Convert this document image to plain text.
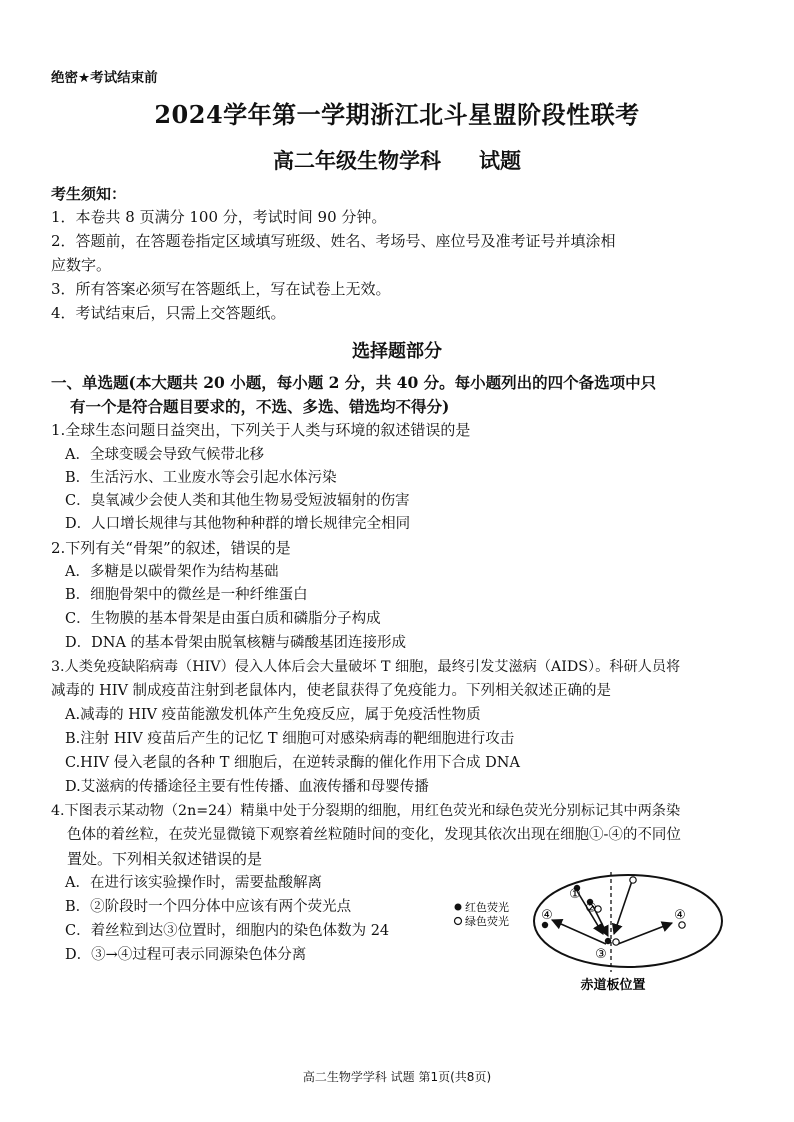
绝密★考试结束前
2024学年第一学期浙江北斗星盟阶段性联考
高二年级生物学科 试题
考生须知：
1．本卷共 8 页满分 100 分，考试时间 90 分钟。
2．答题前，在答题卷指定区域填写班级、姓名、考场号、座位号及准考证号并填涂相
应数字。
3．所有答案必须写在答题纸上，写在试卷上无效。
4．考试结束后，只需上交答题纸。
选择题部分
一、单选题(本大题共 20 小题，每小题 2 分，共 40 分。每小题列出的四个备选项中只
有一个是符合题目要求的，不选、多选、错选均不得分)
1.全球生态问题日益突出，下列关于人类与环境的叙述错误的是
A．全球变暖会导致气候带北移
B．生活污水、工业废水等会引起水体污染
C．臭氧减少会使人类和其他生物易受短波辐射的伤害
D．人口增长规律与其他物种种群的增长规律完全相同
2.下列有关“骨架”的叙述，错误的是
A．多糖是以碳骨架作为结构基础
B．细胞骨架中的微丝是一种纤维蛋白
C．生物膜的基本骨架是由蛋白质和磷脂分子构成
D．DNA 的基本骨架由脱氧核糖与磷酸基团连接形成
3.人类免疫缺陷病毒（HIV）侵入人体后会大量破坏 T 细胞，最终引发艾滋病（AIDS）。科研人员将
减毒的 HIV 制成疫苗注射到老鼠体内，使老鼠获得了免疫能力。下列相关叙述正确的是
A.减毒的 HIV 疫苗能激发机体产生免疫反应，属于免疫活性物质
B.注射 HIV 疫苗后产生的记忆 T 细胞可对感染病毒的靶细胞进行攻击
C.HIV 侵入老鼠的各种 T 细胞后，在逆转录酶的催化作用下合成 DNA
D.艾滋病的传播途径主要有性传播、血液传播和母婴传播
4.下图表示某动物（2n=24）精巢中处于分裂期的细胞，用红色荧光和绿色荧光分别标记其中两条染
色体的着丝粒，在荧光显微镜下观察着丝粒随时间的变化，发现其依次出现在细胞①-④的不同位
置处。下列相关叙述错误的是
A．在进行该实验操作时，需要盐酸解离
B．②阶段时一个四分体中应该有两个荧光点
C．着丝粒到达③位置时，细胞内的染色体数为 24
D．③→④过程可表示同源染色体分离
红色荧光
绿色荧光
①
②
③
④	④
赤道板位置
高二生物学学科 试题 第1页(共8页)
